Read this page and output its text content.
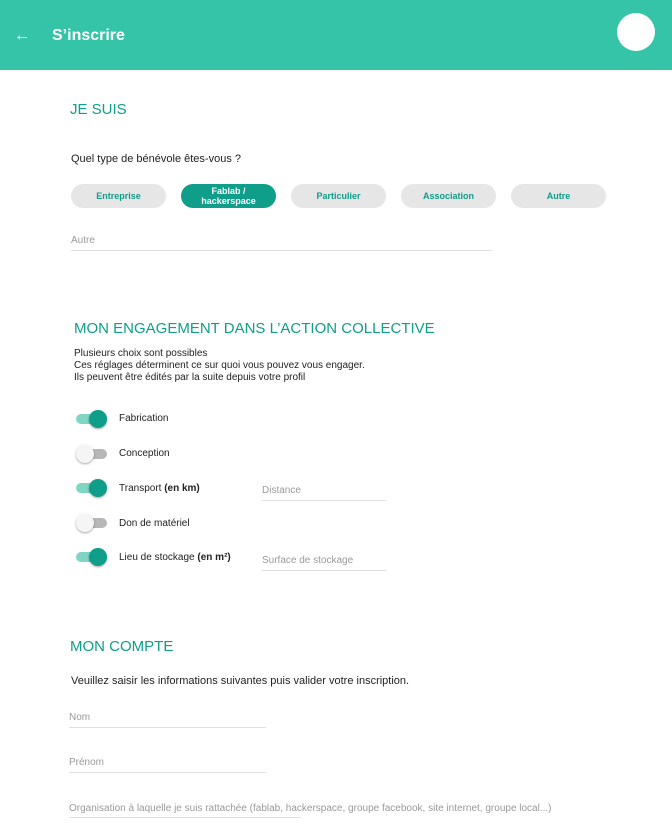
← S’inscrire
JE SUIS
Quel type de bénévole êtes-vous ?
Entreprise	Fablab /
hackerspace	Particulier	Association	Autre
Autre
MON ENGAGEMENT DANS L’ACTION COLLECTIVE
Plusieurs choix sont possibles
Ces réglages déterminent ce sur quoi vous pouvez vous engager.
Ils peuvent être édités par la suite depuis votre profil
Fabrication
Conception
Transport (en km)
Distance
Don de matériel
Lieu de stockage (en m²)
Surface de stockage
MON COMPTE
Veuillez saisir les informations suivantes puis valider votre inscription.
Nom
Prénom
Organisation à laquelle je suis rattachée (fablab, hackerspace, groupe facebook, site internet, groupe local...)
